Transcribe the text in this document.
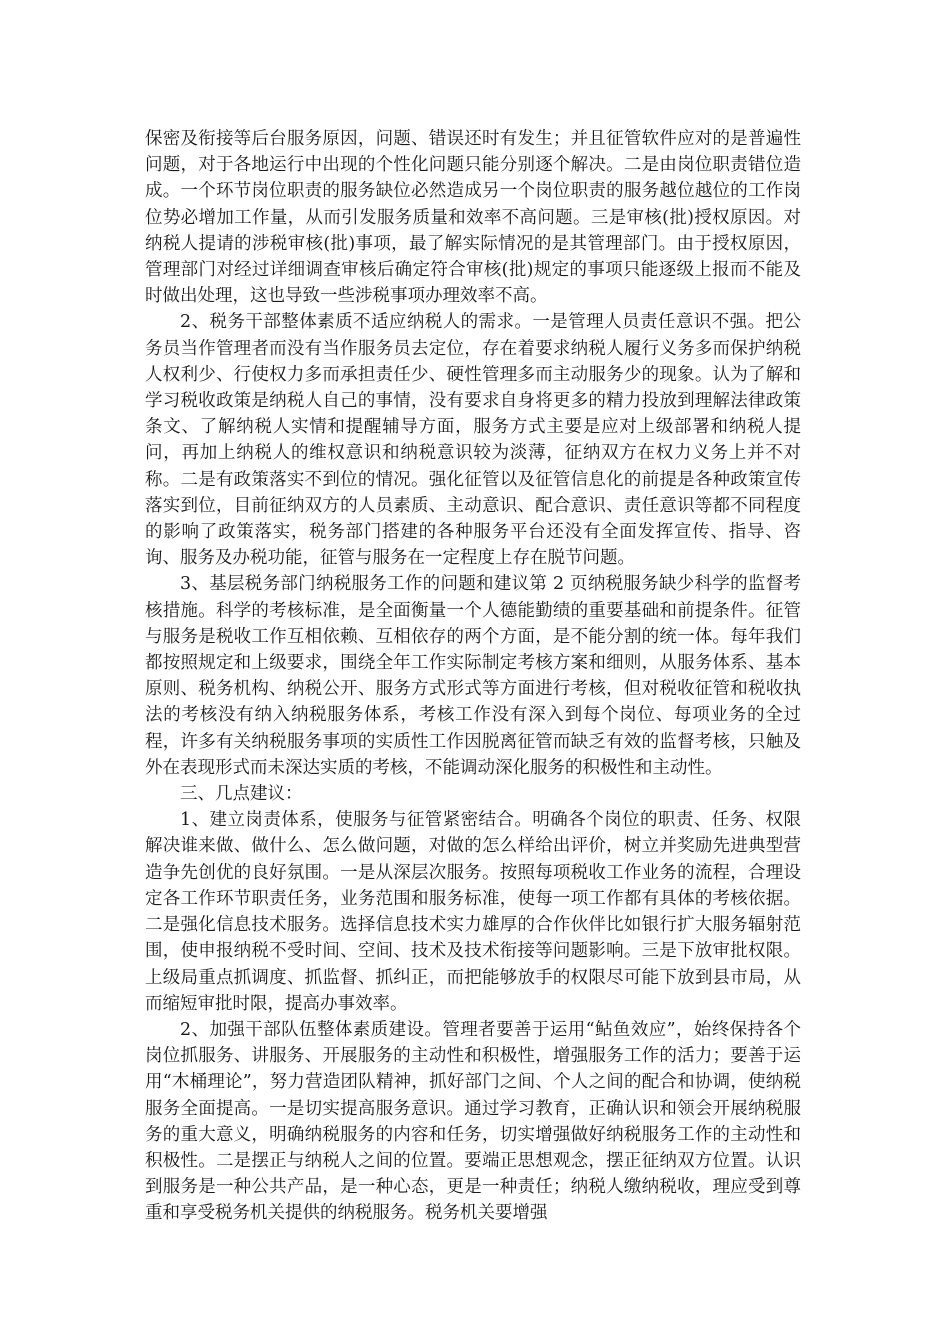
保密及衔接等后台服务原因，问题、错误还时有发生；并且征管软件应对的是普遍性问题，对于各地运行中出现的个性化问题只能分别逐个解决。二是由岗位职责错位造成。一个环节岗位职责的服务缺位必然造成另一个岗位职责的服务越位越位的工作岗位势必增加工作量，从而引发服务质量和效率不高问题。三是审核(批)授权原因。对纳税人提请的涉税审核(批)事项，最了解实际情况的是其管理部门。由于授权原因，管理部门对经过详细调查审核后确定符合审核(批)规定的事项只能逐级上报而不能及时做出处理，这也导致一些涉税事项办理效率不高。

2、税务干部整体素质不适应纳税人的需求。一是管理人员责任意识不强。把公务员当作管理者而没有当作服务员去定位，存在着要求纳税人履行义务多而保护纳税人权利少、行使权力多而承担责任少、硬性管理多而主动服务少的现象。认为了解和学习税收政策是纳税人自己的事情，没有要求自身将更多的精力投放到理解法律政策条文、了解纳税人实情和提醒辅导方面，服务方式主要是应对上级部署和纳税人提问，再加上纳税人的维权意识和纳税意识较为淡薄，征纳双方在权力义务上并不对称。二是有政策落实不到位的情况。强化征管以及征管信息化的前提是各种政策宣传落实到位，目前征纳双方的人员素质、主动意识、配合意识、责任意识等都不同程度的影响了政策落实，税务部门搭建的各种服务平台还没有全面发挥宣传、指导、咨询、服务及办税功能，征管与服务在一定程度上存在脱节问题。

3、基层税务部门纳税服务工作的问题和建议第 2 页纳税服务缺少科学的监督考核措施。科学的考核标准，是全面衡量一个人德能勤绩的重要基础和前提条件。征管与服务是税收工作互相依赖、互相依存的两个方面，是不能分割的统一体。每年我们都按照规定和上级要求，围绕全年工作实际制定考核方案和细则，从服务体系、基本原则、税务机构、纳税公开、服务方式形式等方面进行考核，但对税收征管和税收执法的考核没有纳入纳税服务体系，考核工作没有深入到每个岗位、每项业务的全过程，许多有关纳税服务事项的实质性工作因脱离征管而缺乏有效的监督考核，只触及外在表现形式而未深达实质的考核，不能调动深化服务的积极性和主动性。

三、几点建议：

1、建立岗责体系，使服务与征管紧密结合。明确各个岗位的职责、任务、权限解决谁来做、做什么、怎么做问题，对做的怎么样给出评价，树立并奖励先进典型营造争先创优的良好氛围。一是从深层次服务。按照每项税收工作业务的流程，合理设定各工作环节职责任务，业务范围和服务标准，使每一项工作都有具体的考核依据。二是强化信息技术服务。选择信息技术实力雄厚的合作伙伴比如银行扩大服务辐射范围，使申报纳税不受时间、空间、技术及技术衔接等问题影响。三是下放审批权限。上级局重点抓调度、抓监督、抓纠正，而把能够放手的权限尽可能下放到县市局，从而缩短审批时限，提高办事效率。

2、加强干部队伍整体素质建设。管理者要善于运用“鲇鱼效应”，始终保持各个岗位抓服务、讲服务、开展服务的主动性和积极性，增强服务工作的活力；要善于运用“木桶理论”，努力营造团队精神，抓好部门之间、个人之间的配合和协调，使纳税服务全面提高。一是切实提高服务意识。通过学习教育，正确认识和领会开展纳税服务的重大意义，明确纳税服务的内容和任务，切实增强做好纳税服务工作的主动性和积极性。二是摆正与纳税人之间的位置。要端正思想观念，摆正征纳双方位置。认识到服务是一种公共产品，是一种心态，更是一种责任；纳税人缴纳税收，理应受到尊重和享受税务机关提供的纳税服务。税务机关要增强
